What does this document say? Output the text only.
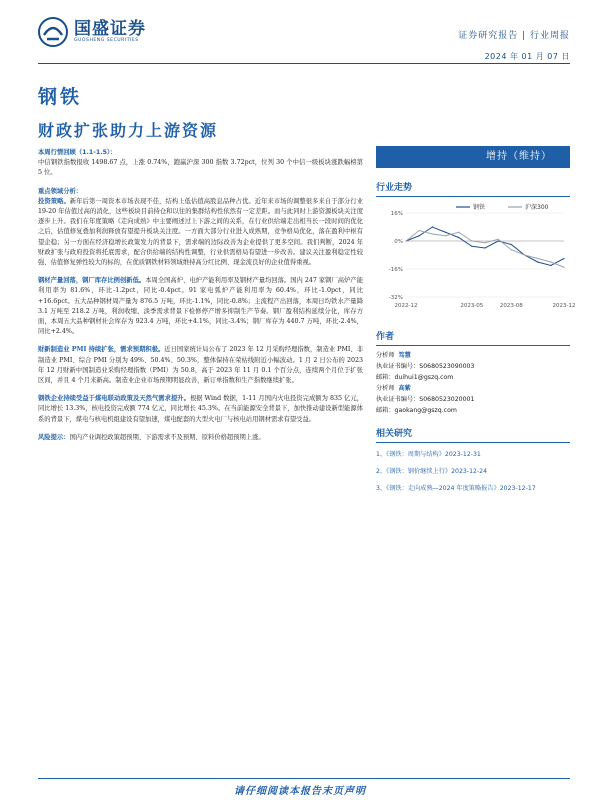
国盛证券
GUOSHENG SECURITIES	证券研究报告 | 行业周报
2024 年 01 月 07 日
钢铁
财政扩张助力上游资源
本周行情回顾（1.1-1.5）：
中信钢铁指数报收 1498.67 点，上涨 0.74%，跑赢沪深 300 指数 3.72pct，位列 30 个中信一级板块涨跌幅榜第 5 位。
重点领域分析：
投资策略。新年后第一周资本市场表现不佳，结构上低估值高股息品种占优。近年来市场的调整很多来自于部分行业 19-20 年估值过高的消化，这些板块目前持仓和以往的集群结构性依然有一定差距。而与此同时上游资源板块关注度逐步上升。我们在年度策略《走向成熟》中主要阐述过上下游之间的关系，在行业供给端走出相当长一段时间的优化之后，估值修复叠加利润释放有望提升板块关注度。一方面大部分行业进入成熟期，竞争格局优化，落在盈利中枢有望企稳；另一方面在经济稳增长政策发力的背景下，需求端的边际改善为企业提供了更多空间。我们判断，2024 年财政扩张与政府投资将托底需求，配合供给端的结构性调整，行业供需格局有望进一步改善。建议关注盈利稳定性较强、估值修复弹性较大的标的，在优质钢铁材料领域维持高分红比例、现金流良好的企业值得重视。
钢材产量回落，钢厂库存比例创新低。本周全国高炉、电炉产能利用率及钢材产量均回落。国内 247 家钢厂高炉产能利用率为 81.6%，环比-1.2pct，同比-0.4pct。91 家电弧炉产能利用率为 60.4%，环比-1.0pct，同比+16.6pct。五大品种钢材周产量为 876.5 万吨，环比-1.1%，同比-0.8%；主流程产出回落，本周日均铁水产量降 3.1 万吨至 218.2 万吨，利润收缩，淡季需求背景下检修停产增多抑制生产节奏。钢厂盈利结构延续分化，库存方面，本周五大品种钢材社会库存为 923.4 万吨，环比+4.1%，同比-3.4%；钢厂库存为 440.7 万吨，环比-2.4%，同比+2.4%。
财新制造业 PMI 持续扩张，需求预期积极。近日国家统计局公布了 2023 年 12 月采购经理指数，制造业 PMI、非制造业 PMI、综合 PMI 分别为 49%、50.4%、50.3%，整体保持在荣枯线附近小幅波动。1 月 2 日公布的 2023 年 12 月财新中国制造业采购经理指数（PMI）为 50.8，高于 2023 年 11 月 0.1 个百分点，连续两个月位于扩张区间，并且 4 个月来新高。制造业企业市场预期明显改善，新订单指数和生产指数继续扩张。
钢铁企业持续受益于煤电联动政策及天然气需求提升。根据 Wind 数据，1-11 月国内火电投资完成额为 835 亿元，同比增长 13.3%，核电投资完成额 774 亿元，同比增长 45.3%。在当前能源安全背景下，加快推动建设新型能源体系的背景下，煤电与核电机组建设有望加速，煤电配套的大型火电厂与核电站用钢材需求有望受益。
风险提示：国内产业调控政策超预期、下游需求不及预期、原料价格超预期上涨。
增持（维持）
行业走势
16%
0%
-16%
-32%
2022-12	2023-05	2023-08	2023-12
钢铁	沪深300
作者
分析师 笃慧
执业证书编号：S0680523090003
邮箱：duihui1@gszq.com
分析师 高紫
执业证书编号：S0680523020001
邮箱：gaokang@gszq.com
相关研究
1、《钢铁：周期与结构》2023-12-31
2、《钢铁：钢价继续上行》2023-12-24
3、《钢铁：走向成熟—2024 年度策略报告》2023-12-17
请仔细阅读本报告末页声明
